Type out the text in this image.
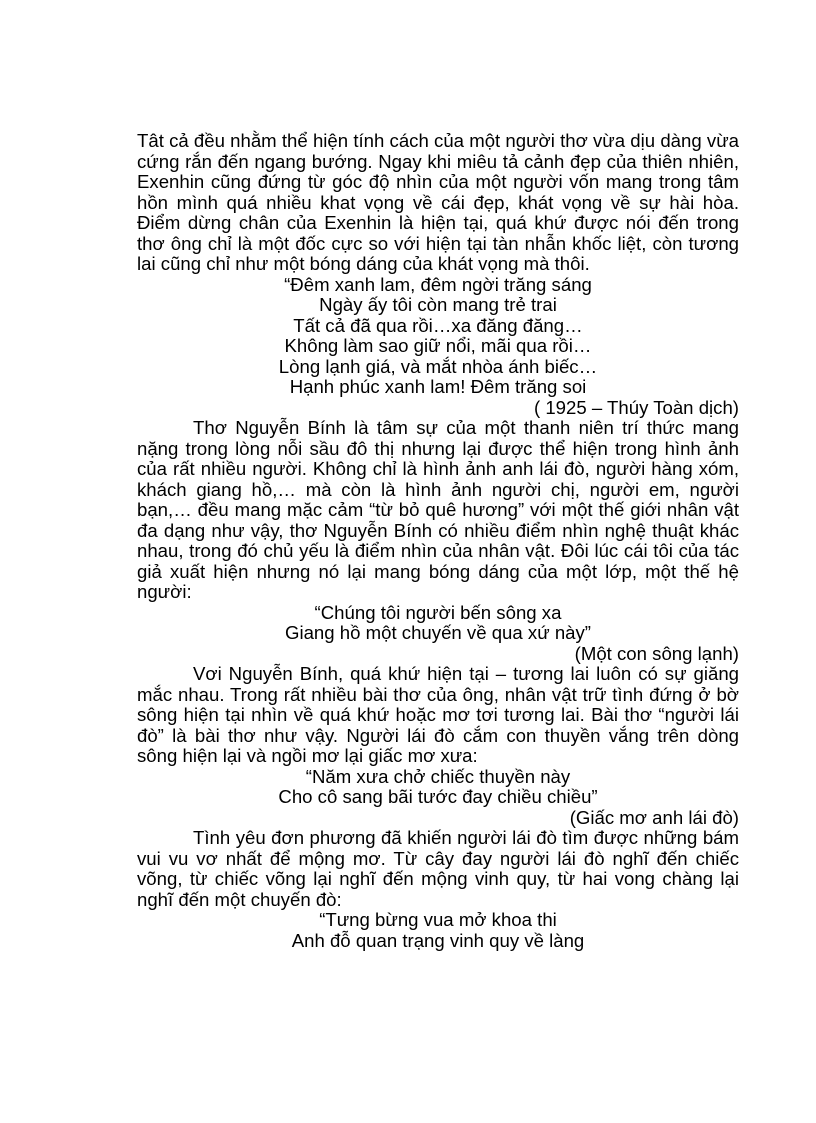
Tât cả đều nhằm thể hiện tính cách của một người thơ vừa dịu dàng vừa cứng rắn đến ngang bướng. Ngay khi miêu tả cảnh đẹp của thiên nhiên, Exenhin cũng đứng từ góc độ nhìn của một người vốn mang trong tâm hồn mình quá nhiều khat vọng về cái đẹp, khát vọng về sự hài hòa. Điểm dừng chân của Exenhin là hiện tại, quá khứ được nói đến trong thơ ông chỉ là một đốc cực so với hiện tại tàn nhẫn khốc liệt, còn tương lai cũng chỉ như một bóng dáng của khát vọng mà thôi.

“Đêm xanh lam, đêm ngời trăng sáng

Ngày ấy tôi còn mang trẻ trai

Tất cả đã qua rồi…xa đăng đăng…

Không làm sao giữ nổi, mãi qua rồi…

Lòng lạnh giá, và mắt nhòa ánh biếc…

Hạnh phúc xanh lam! Đêm trăng soi

( 1925 – Thúy Toàn dịch)

Thơ Nguyễn Bính là tâm sự của một thanh niên trí thức mang nặng trong lòng nỗi sầu đô thị nhưng lại được thể hiện trong hình ảnh của rất nhiều người. Không chỉ là hình ảnh anh lái đò, người hàng xóm, khách giang hồ,… mà còn là hình ảnh người chị, người em, người bạn,… đều mang mặc cảm “từ bỏ quê hương” với một thế giới nhân vật đa dạng như vậy, thơ Nguyễn Bính có nhiều điểm nhìn nghệ thuật khác nhau, trong đó chủ yếu là điểm nhìn của nhân vật. Đôi lúc cái tôi của tác giả xuất hiện nhưng nó lại mang bóng dáng của một lớp, một thế hệ người:

“Chúng tôi người bến sông xa

Giang hồ một chuyến về qua xứ này”

(Một con sông lạnh)

Vơi Nguyễn Bính, quá khứ hiện tại – tương lai luôn có sự giăng mắc nhau. Trong rất nhiều bài thơ của ông, nhân vật trữ tình đứng ở bờ sông hiện tại nhìn về quá khứ hoặc mơ tơi tương lai. Bài thơ “người lái đò” là bài thơ như vậy. Người lái đò cắm con thuyền vắng trên dòng sông hiện lại và ngồi mơ lại giấc mơ xưa:

“Năm xưa chở chiếc thuyền này

Cho cô sang bãi tước đay chiều chiều”

(Giấc mơ anh lái đò)

Tình yêu đơn phương đã khiến người lái đò tìm được những bám vui vu vơ nhất để mộng mơ. Từ cây đay người lái đò nghĩ đến chiếc võng, từ chiếc võng lại nghĩ đến mộng vinh quy, từ hai vong chàng lại nghĩ đến một chuyến đò:

“Tưng bừng vua mở khoa thi

Anh đỗ quan trạng vinh quy về làng
